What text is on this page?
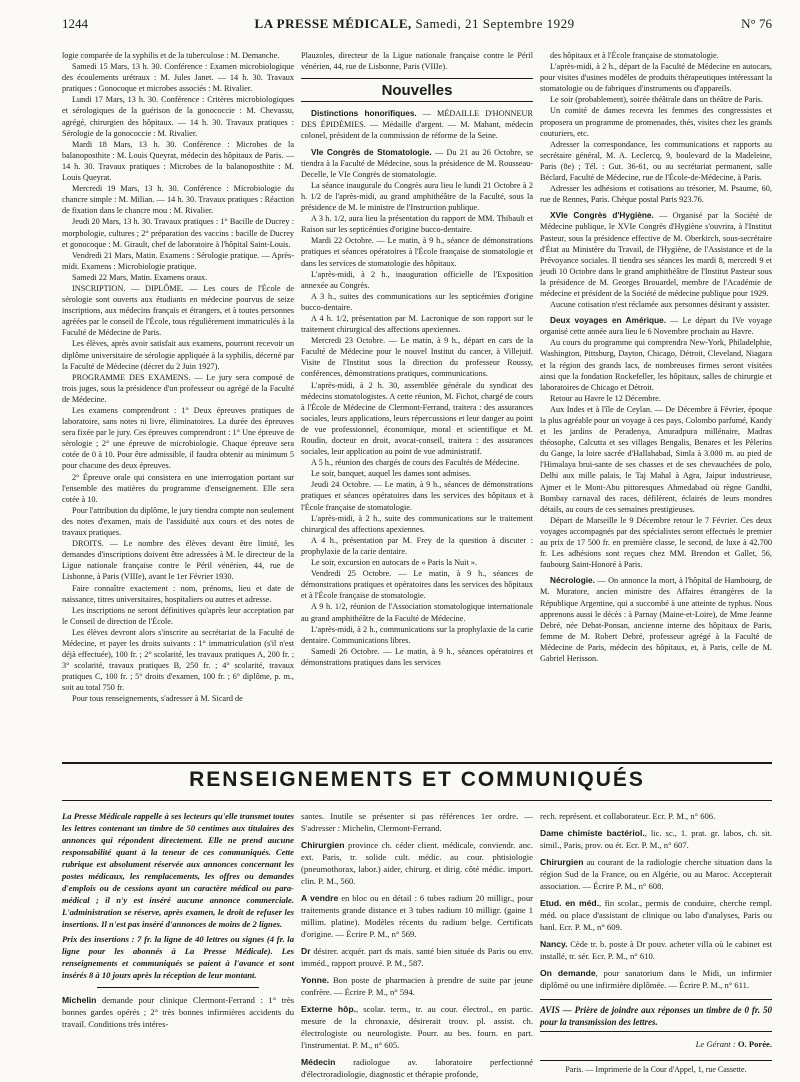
1244	LA PRESSE MÉDICALE, Samedi, 21 Septembre 1929	N° 76

logie comparée de la syphilis et de la tuberculose : M. Demanche.

Samedi 15 Mars, 13 h. 30. Conférence : Examen microbiologique des écoulements urétraux : M. Jules Janet. — 14 h. 30. Travaux pratiques : Gonocoque et microbes associés : M. Rivalier.

Lundi 17 Mars, 13 h. 30. Conférence : Critères microbiologiques et sérologiques de la guérison de la gonococcie : M. Chevassu, agrégé, chirurgien des hôpitaux. — 14 h. 30. Travaux pratiques : Sérologie de la gonococcie : M. Rivalier.

Mardi 18 Mars, 13 h. 30. Conférence : Microbes de la balanoposthite : M. Louis Queyrat, médecin des hôpitaux de Paris. — 14 h. 30. Travaux pratiques : Microbes de la balanoposthite : M. Louis Queyrat.

Mercredi 19 Mars, 13 h. 30. Conférence : Microbiologie du chancre simple : M. Milian. — 14 h. 30. Travaux pratiques : Réaction de fixation dans le chancre mou : M. Rivalier.

Jeudi 20 Mars, 13 h. 30. Travaux pratiques : 1° Bacille de Ducrey : morphologie, cultures ; 2° préparation des vaccins : bacille de Ducrey et gonocoque : M. Girault, chef de laboratoire à l'hôpital Saint-Louis.

Vendredi 21 Mars, Matin. Examens : Sérologie pratique. — Après-midi. Examens : Microbiologie pratique.

Samedi 22 Mars, Matin. Examens oraux.

INSCRIPTION. — DIPLÔME. — Les cours de l'École de sérologie sont ouverts aux étudiants en médecine pourvus de seize inscriptions, aux médecins français et étrangers, et à toutes personnes agréées par le conseil de l'École, tous régulièrement immatriculés à la Faculté de Médecine de Paris.

Les élèves, après avoir satisfait aux examens, pourront recevoir un diplôme universitaire de sérologie appliquée à la syphilis, décerné par la Faculté de Médecine (décret du 2 Juin 1927).

PROGRAMME DES EXAMENS. — Le jury sera composé de trois juges, sous la présidence d'un professeur ou agrégé de la Faculté de Médecine.

Les examens comprendront : 1° Deux épreuves pratiques de laboratoire, sans notes ni livre, éliminatoires. La durée des épreuves sera fixée par le jury. Ces épreuves comprendront : 1° Une épreuve de sérologie ; 2° une épreuve de microbiologie. Chaque épreuve sera cotée de 0 à 10. Pour être admissible, il faudra obtenir au minimum 5 pour chacune des deux épreuves.

2° Épreuve orale qui consistera en une interrogation portant sur l'ensemble des matières du programme d'enseignement. Elle sera cotée à 10.

Pour l'attribution du diplôme, le jury tiendra compte non seulement des notes d'examen, mais de l'assiduité aux cours et des notes de travaux pratiques.

DROITS. — Le nombre des élèves devant être limité, les demandes d'inscriptions doivent être adressées à M. le directeur de la Ligue nationale française contre le Péril vénérien, 44, rue de Lisbonne, à Paris (VIIIe), avant le 1er Février 1930.

Faire connaître exactement : nom, prénoms, lieu et date de naissance, titres universitaires, hospitaliers ou autres et adresse.

Les inscriptions ne seront définitives qu'après leur acceptation par le Conseil de direction de l'École.

Les élèves devront alors s'inscrire au secrétariat de la Faculté de Médecine, et payer les droits suivants : 1° immatriculation (s'il n'est déjà effectuée), 100 fr. ; 2° scolarité, les travaux pratiques A, 200 fr. ; 3° scolarité, travaux pratiques B, 250 fr. ; 4° scolarité, travaux pratiques C, 100 fr. ; 5° droits d'examen, 100 fr. ; 6° diplôme, p. m., soit au total 750 fr.

Pour tous renseignements, s'adresser à M. Sicard de

Plauzoles, directeur de la Ligue nationale française contre le Péril vénérien, 44, rue de Lisbonne, Paris (VIIIe).

Nouvelles

Distinctions honorifiques. — MÉDAILLE D'HONNEUR DES ÉPIDÉMIES. — Médaille d'argent. — M. Mahant, médecin colonel, président de la commission de réforme de la Seine.

VIe Congrès de Stomatologie. — Du 21 au 26 Octobre, se tiendra à la Faculté de Médecine, sous la présidence de M. Rousseau-Decelle, le VIe Congrès de stomatologie.

La séance inaugurale du Congrès aura lieu le lundi 21 Octobre à 2 h. 1/2 de l'après-midi, au grand amphithéâtre de la Faculté, sous la présidence de M. le ministre de l'Instruction publique.

A 3 h. 1/2, aura lieu la présentation du rapport de MM. Thibault et Raison sur les septicémies d'origine bucco-dentaire.

Mardi 22 Octobre. — Le matin, à 9 h., séance de démonstrations pratiques et séances opératoires à l'École française de stomatologie et dans les services de stomatologie des hôpitaux.

L'après-midi, à 2 h., inauguration officielle de l'Exposition annexée au Congrès.

A 3 h., suites des communications sur les septicémies d'origine bucco-dentaire.

A 4 h. 1/2, présentation par M. Lacronique de son rapport sur le traitement chirurgical des affections apexiennes.

Mercredi 23 Octobre. — Le matin, à 9 h., départ en cars de la Faculté de Médecine pour le nouvel Institut du cancer, à Villejuif. Visite de l'Institut sous la direction du professeur Roussy, conférences, démonstrations pratiques, communications.

L'après-midi, à 2 h. 30, assemblée générale du syndicat des médecins stomatologistes. A cette réunion, M. Fichot, chargé de cours à l'École de Médecine de Clermont-Ferrand, traitera : des assurances sociales, leurs applications, leurs répercussions et leur danger au point de vue professionnel, économique, moral et scientifique et M. Roudin, docteur en droit, avocat-conseil, traitera : des assurances sociales, leur application au point de vue administratif.

A 5 h., réunion des chargés de cours des Facultés de Médecine.

Le soir, banquet, auquel les dames sont admises.

Jeudi 24 Octobre. — Le matin, à 9 h., séances de démonstrations pratiques et séances opératoires dans les services des hôpitaux et à l'École française de stomatologie.

L'après-midi, à 2 h., suite des communications sur le traitement chirurgical des affections apexiennes.

A 4 h., présentation par M. Frey de la question à discuter : prophylaxie de la carie dentaire.

Le soir, excursion en autocars de « Paris la Nuit ».

Vendredi 25 Octobre. — Le matin, à 9 h., séances de démonstrations pratiques et opératoires dans les services des hôpitaux et à l'École française de stomatologie.

A 9 h. 1/2, réunion de l'Association stomatologique internationale au grand amphithéâtre de la Faculté de Médecine.

L'après-midi, à 2 h., communications sur la prophylaxie de la carie dentaire. Communications libres.

Samedi 26 Octobre. — Le matin, à 9 h., séances opératoires et démonstrations pratiques dans les services

des hôpitaux et à l'École française de stomatologie.

L'après-midi, à 2 h., départ de la Faculté de Médecine en autocars, pour visites d'usines modèles de produits thérapeutiques intéressant la stomatologie ou de fabriques d'instruments ou d'appareils.

Le soir (probablement), soirée théâtrale dans un théâtre de Paris.

Un comité de dames recevra les femmes des congressistes et proposera un programme de promenades, thés, visites chez les grands couturiers, etc.

Adresser la correspondance, les communications et rapports au secrétaire général, M. A. Leclercq, 9, boulevard de la Madeleine, Paris (8e) ; Tél. : Gut. 36-61, ou au secrétariat permanent, salle Béclard, Faculté de Médecine, rue de l'École-de-Médecine, à Paris.

Adresser les adhésions et cotisations au trésorier, M. Psaume, 60, rue de Rennes, Paris. Chèque postal Paris 923.76.

XVIe Congrès d'Hygiène. — Organisé par la Société de Médecine publique, le XVIe Congrès d'Hygiène s'ouvrira, à l'Institut Pasteur, sous la présidence effective de M. Oberkirch, sous-secrétaire d'État au Ministère du Travail, de l'Hygiène, de l'Assistance et de la Prévoyance sociales. Il tiendra ses séances les mardi 8, mercredi 9 et jeudi 10 Octobre dans le grand amphithéâtre de l'Institut Pasteur sous la présidence de M. Georges Brouardel, membre de l'Académie de médecine et président de la Société de médecine publique pour 1929.

Aucune cotisation n'est réclamée aux personnes désirant y assister.

Deux voyages en Amérique. — Le départ du IVe voyage organisé cette année aura lieu le 6 Novembre prochain au Havre.

Au cours du programme qui comprendra New-York, Philadelphie, Washington, Pittsburg, Dayton, Chicago, Détroit, Cleveland, Niagara et la région des grands lacs, de nombreuses firmes seront visitées ainsi que la fondation Rockefeller, les hôpitaux, salles de chirurgie et laboratoires de Chicago et Détroit.

Retour au Havre le 12 Décembre.

Aux Indes et à l'île de Ceylan. — De Décembre à Février, époque la plus agréable pour un voyage à ces pays, Colombo parfumé, Kandy et les jardins de Peradenya, Anuradpura millénaire, Madras théosophe, Calcutta et ses villages Bengalis, Benares et les Pèlerins du Gange, la loire sacrée d'Hallahabad, Simla à 3.000 m. au pied de l'Himalaya brui-sante de ses chasses et de ses chevauchées de polo, Delhi aux mille palais, le Taj Mahal à Agra, Jaipur industrieuse, Ajmer et le Mont-Abu pittoresques Ahmedabad où règne Gandhi, Bombay carnaval des races, défilèrent, éclairés de leurs mondres détails, au cours de ces semaines prestigieuses.

Départ de Marseille le 9 Décembre retour le 7 Février. Ces deux voyages accompagnés par des spécialistes seront effectués le premier au prix de 17 500 fr. en première classe, le second, de luxe à 42.700 fr. Les adhésions sont reçues chez MM. Brendon et Gallet, 56, faubourg Saint-Honoré à Paris.

Nécrologie. — On annonce la mort, à l'hôpital de Hambourg, de M. Muratore, ancien ministre des Affaires étrangères de la République Argentine, qui a succombé à une atteinte de typhus. Nous apprenons aussi le décès : à Parnay (Maine-et-Loire), de Mme Jeanne Debré, née Debat-Ponsan, ancienne interne des hôpitaux de Paris, femme de M. Robert Debré, professeur agrégé à la Faculté de Médecine de Paris, médecin des hôpitaux, et, à Paris, celle de M. Gabriel Herisson.

RENSEIGNEMENTS ET COMMUNIQUÉS

La Presse Médicale rappelle à ses lecteurs qu'elle transmet toutes les lettres contenant un timbre de 50 centimes aux titulaires des annonces qui répondent directement. Elle ne prend aucune responsabilité quant à la teneur de ces communiqués. Cette rubrique est absolument réservée aux annonces concernant les postes médicaux, les remplacements, les offres ou demandes d'emplois ou de cessions ayant un caractère médical ou para-médical ; il n'y est inséré aucune annonce commerciale. L'administration se réserve, après examen, le droit de refuser les insertions. Il n'est pas inséré d'annonces de moins de 2 lignes.

Prix des insertions : 7 fr. la ligne de 40 lettres ou signes (4 fr. la ligne pour les abonnés à La Presse Médicale). Les renseignements et communiqués se paient à l'avance et sont insérés 8 à 10 jours après la réception de leur montant.

Michelin demande pour clinique Clermont-Ferrand : 1° très bonnes gardes opérés ; 2° très bonnes infirmières accidents du travail. Conditions très intéres-

santes. Inutile se présenter si pas références 1er ordre. — S'adresser : Michelin, Clermont-Ferrand.

Chirurgien province ch. céder client. médicale, conviendr. anc. ext. Paris, tr. solide cult. médic. au cour. phtisiologie (pneumothorax, labor.) aider, chirurg. et dirig. côté médic. import. clin. P. M., 560.

A vendre en bloc ou en détail : 6 tubes radium 20 milligr., pour traitements grande distance et 3 tubes radium 10 milligr. (gaine 1 millim. platine). Modèles récents du radium belge. Certificats d'origine. — Écrire P. M., n° 569.

Dr désirer. acquér. part ds mais. santé bien située ds Paris ou env. imméd., rapport prouvé. P. M., 587.

Yonne. Bon poste de pharmacien à prendre de suite par jeune confrère. — Écrire P. M., n° 594.

Externe hôp., scolar. term., tr. au cour. électrol., en partic. mesure de la chronaxie, désirerait trouv. pl. assist. ch. électrologiste ou neurologiste. Pourr. au bes. fourn. en part. l'instrumentat. P. M., n° 605.

Médecin radiologue av. laboratoire perfectionné d'électroradiologie, diagnostic et thérapie profonde,

rech. représent. et collaborateur. Ecr. P. M., n° 606.

Dame chimiste bactériol., lic. sc., 1. prat. gr. labos, ch. sit. simil., Paris, prov. ou ét. Ecr. P. M., n° 607.

Chirurgien au courant de la radiologie cherche situation dans la région Sud de la France, ou en Algérie, ou au Maroc. Accepterait association. — Écrire P. M., n° 608.

Etud. en méd., fin scolar., permis de conduire, cherche rempl. méd. ou place d'assistant de clinique ou labo d'analyses, Paris ou banl. Ecr. P. M., n° 609.

Nancy. Cède tr. b. poste à Dr pouv. acheter villa où le cabinet est installé, tr. sér. Ecr. P. M., n° 610.

On demande, pour sanatorium dans le Midi, un infirmier diplômé ou une infirmière diplômée. — Écrire P. M., n° 611.

AVIS — Prière de joindre aux réponses un timbre de 0 fr. 50 pour la transmission des lettres.
Le Gérant : O. Porée.
Paris. — Imprimerie de la Cour d'Appel, 1, rue Cassette.
